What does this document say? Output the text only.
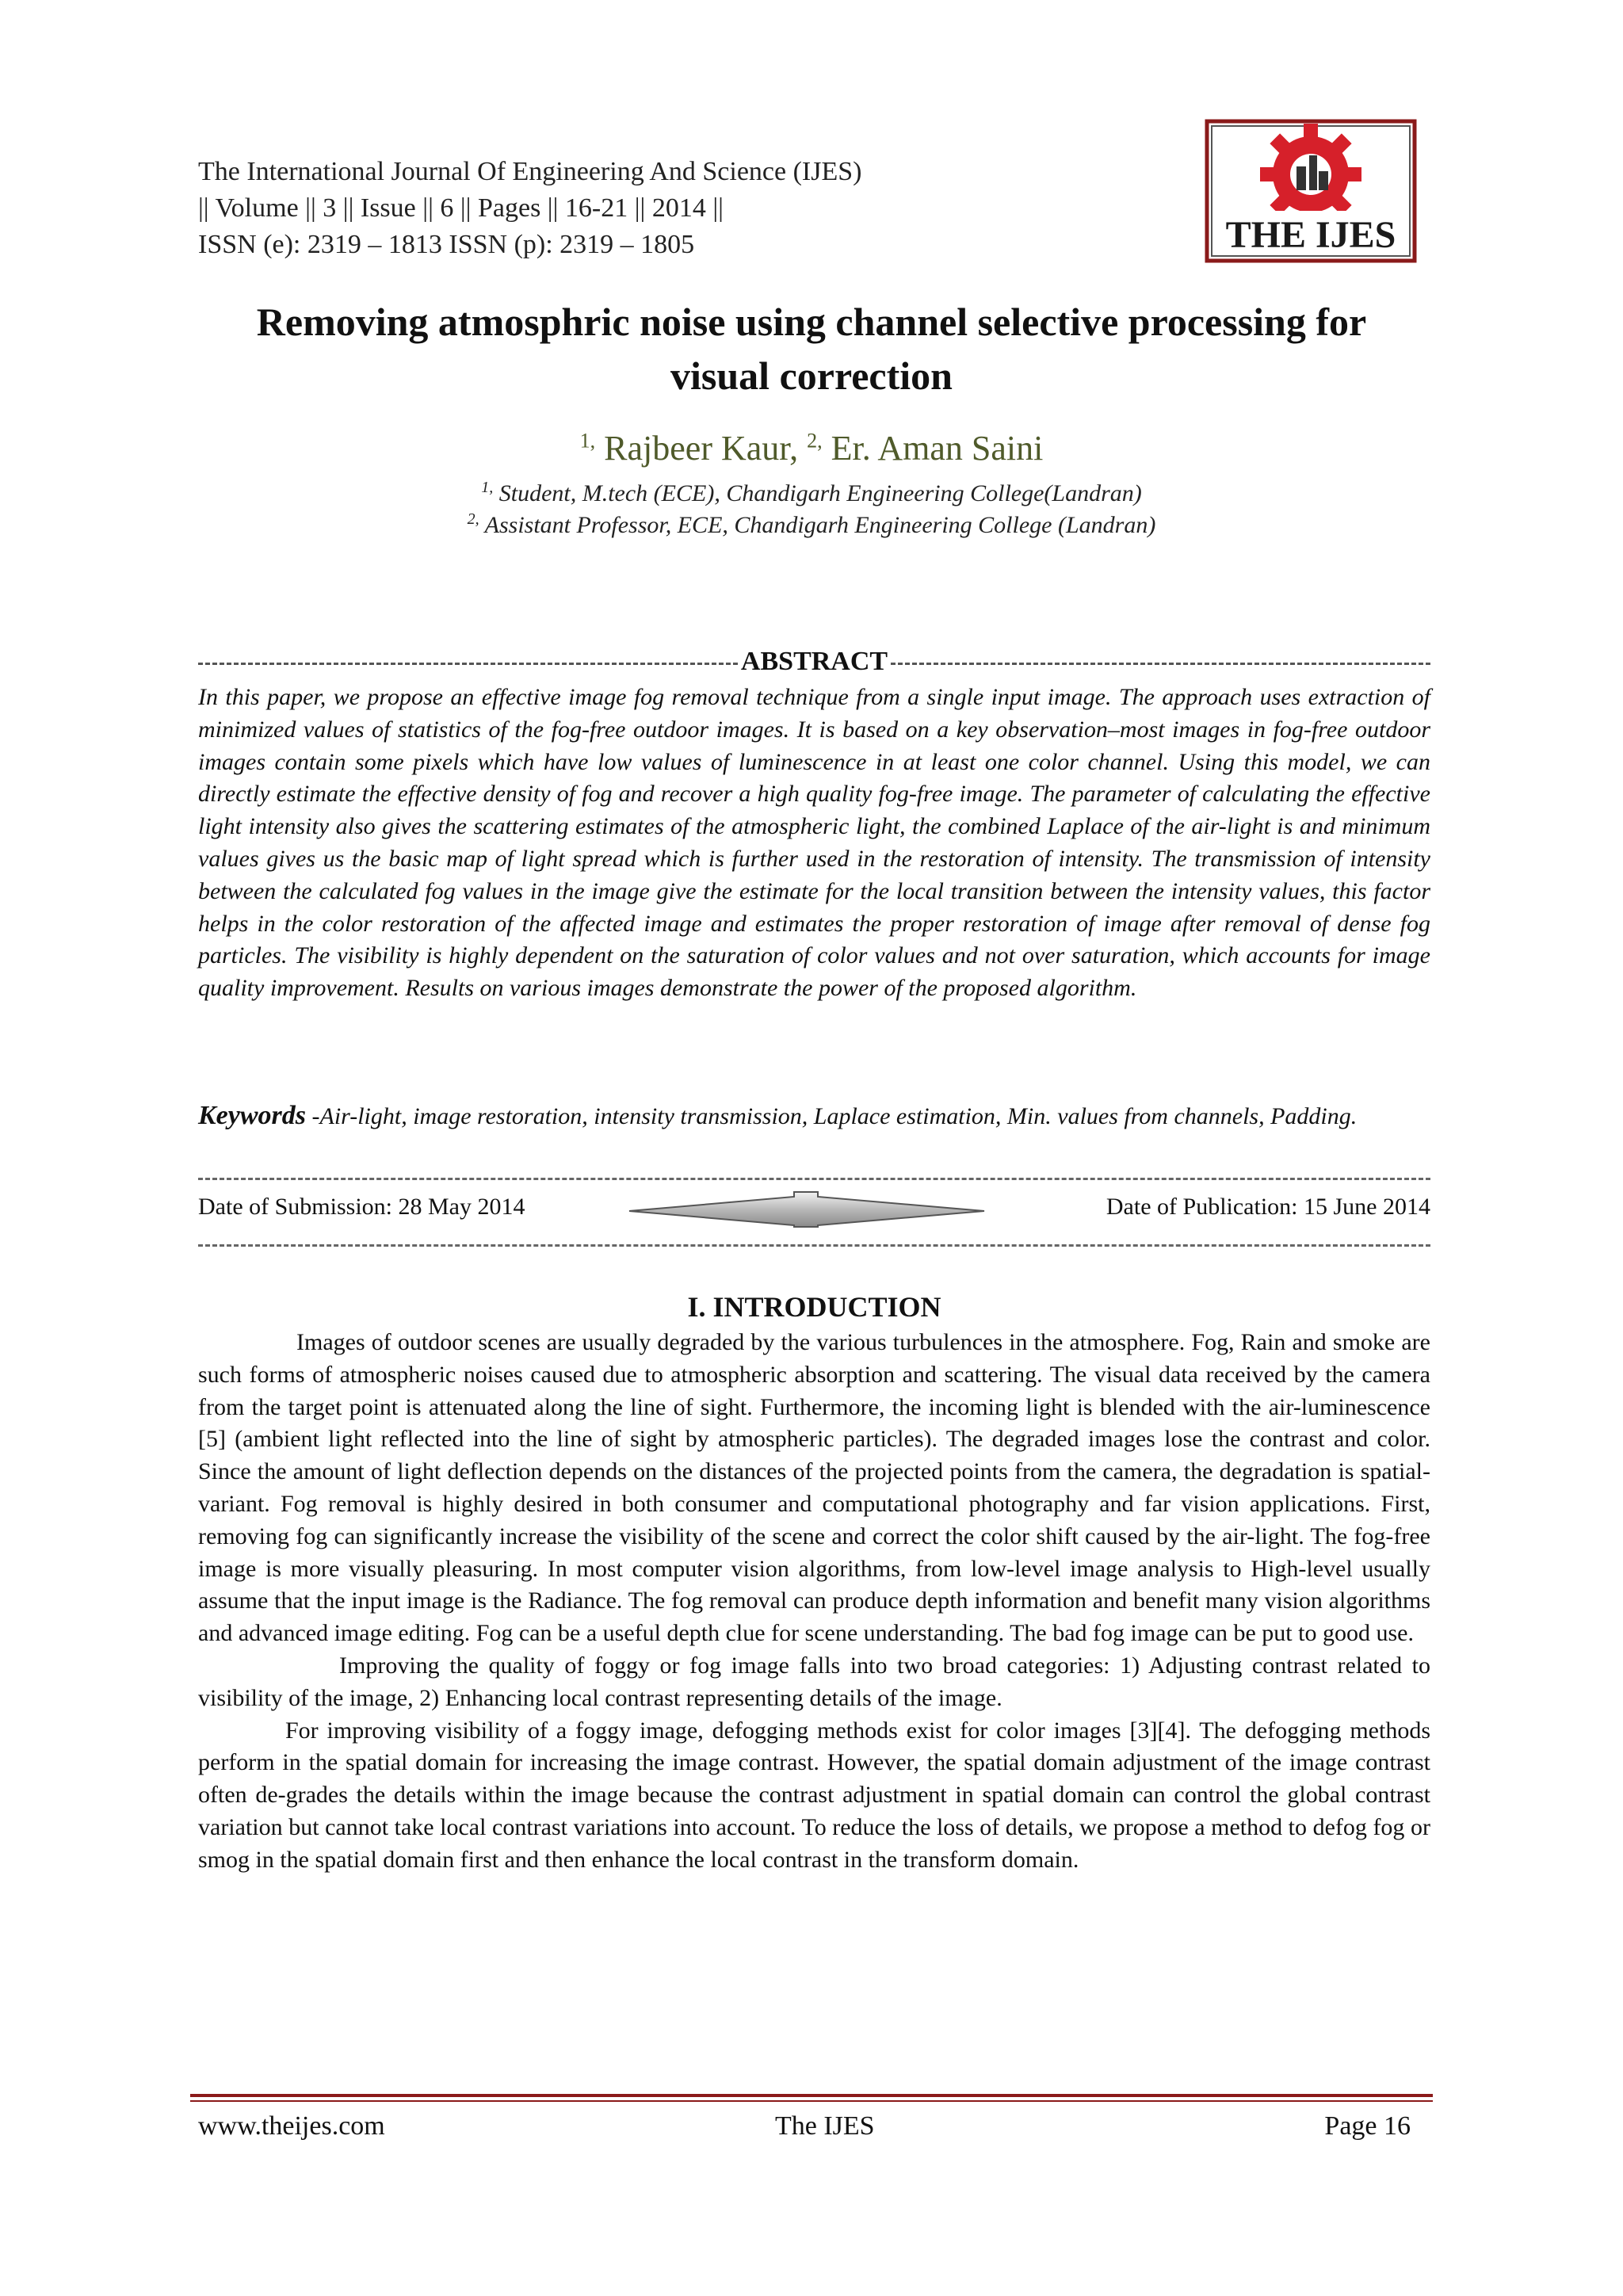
The International Journal Of Engineering And Science (IJES)
|| Volume || 3 || Issue || 6 || Pages || 16-21 || 2014 ||
ISSN (e): 2319 – 1813 ISSN (p): 2319 – 1805	THE IJES
Removing atmosphric noise using channel selective processing for
visual correction
$^{1,}$ Rajbeer Kaur, $^{2,}$ Er. Aman Saini
$^{1,}$ Student, M.tech (ECE), Chandigarh Engineering College(Landran)
$^{2,}$ Assistant Professor, ECE, Chandigarh Engineering College (Landran)
ABSTRACT
In this paper, we propose an effective image fog removal technique from a single input image. The approach uses extraction of minimized values of statistics of the fog-free outdoor images. It is based on a key observation–most images in fog-free outdoor images contain some pixels which have low values of luminescence in at least one color channel. Using this model, we can directly estimate the effective density of fog and recover a high quality fog-free image. The parameter of calculating the effective light intensity also gives the scattering estimates of the atmospheric light, the combined Laplace of the air-light is and minimum values gives us the basic map of light spread which is further used in the restoration of intensity. The transmission of intensity between the calculated fog values in the image give the estimate for the local transition between the intensity values, this factor helps in the color restoration of the affected image and estimates the proper restoration of image after removal of dense fog particles. The visibility is highly dependent on the saturation of color values and not over saturation, which accounts for image quality improvement. Results on various images demonstrate the power of the proposed algorithm.
Keywords -Air-light, image restoration, intensity transmission, Laplace estimation, Min. values from channels, Padding.
Date of Submission: 28 May 2014	Date of Publication: 15 June 2014
I. INTRODUCTION

Images of outdoor scenes are usually degraded by the various turbulences in the atmosphere. Fog, Rain and smoke are such forms of atmospheric noises caused due to atmospheric absorption and scattering. The visual data received by the camera from the target point is attenuated along the line of sight. Furthermore, the incoming light is blended with the air-luminescence [5] (ambient light reflected into the line of sight by atmospheric particles). The degraded images lose the contrast and color. Since the amount of light deflection depends on the distances of the projected points from the camera, the degradation is spatial-variant. Fog removal is highly desired in both consumer and computational photography and far vision applications. First, removing fog can significantly increase the visibility of the scene and correct the color shift caused by the air-light. The fog-free image is more visually pleasuring. In most computer vision algorithms, from low-level image analysis to High-level usually assume that the input image is the Radiance. The fog removal can produce depth information and benefit many vision algorithms and advanced image editing. Fog can be a useful depth clue for scene understanding. The bad fog image can be put to good use.

Improving the quality of foggy or fog image falls into two broad categories: 1) Adjusting contrast related to visibility of the image, 2) Enhancing local contrast representing details of the image.

For improving visibility of a foggy image, defogging methods exist for color images [3][4]. The defogging methods perform in the spatial domain for increasing the image contrast. However, the spatial domain adjustment of the image contrast often de-grades the details within the image because the contrast adjustment in spatial domain can control the global contrast variation but cannot take local contrast variations into account. To reduce the loss of details, we propose a method to defog fog or smog in the spatial domain first and then enhance the local contrast in the transform domain.

www.theijes.com	The IJES	Page 16
